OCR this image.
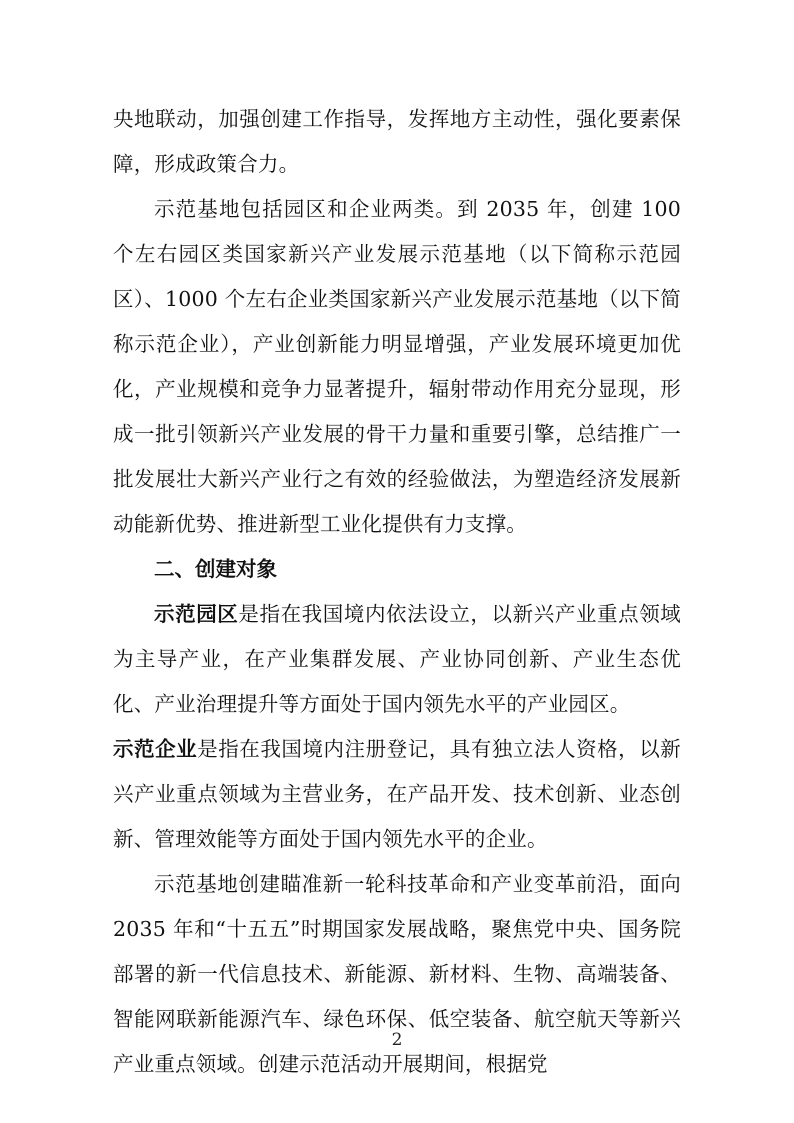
央地联动，加强创建工作指导，发挥地方主动性，强化要素保障，形成政策合力。

示范基地包括园区和企业两类。到 2035 年，创建 100 个左右园区类国家新兴产业发展示范基地（以下简称示范园区）、1000 个左右企业类国家新兴产业发展示范基地（以下简称示范企业），产业创新能力明显增强，产业发展环境更加优化，产业规模和竞争力显著提升，辐射带动作用充分显现，形成一批引领新兴产业发展的骨干力量和重要引擎，总结推广一批发展壮大新兴产业行之有效的经验做法，为塑造经济发展新动能新优势、推进新型工业化提供有力支撑。

二、创建对象

示范园区是指在我国境内依法设立，以新兴产业重点领域为主导产业，在产业集群发展、产业协同创新、产业生态优化、产业治理提升等方面处于国内领先水平的产业园区。

示范企业是指在我国境内注册登记，具有独立法人资格，以新兴产业重点领域为主营业务，在产品开发、技术创新、业态创新、管理效能等方面处于国内领先水平的企业。

示范基地创建瞄准新一轮科技革命和产业变革前沿，面向 2035 年和“十五五”时期国家发展战略，聚焦党中央、国务院部署的新一代信息技术、新能源、新材料、生物、高端装备、智能网联新能源汽车、绿色环保、低空装备、航空航天等新兴产业重点领域。创建示范活动开展期间，根据党

2
